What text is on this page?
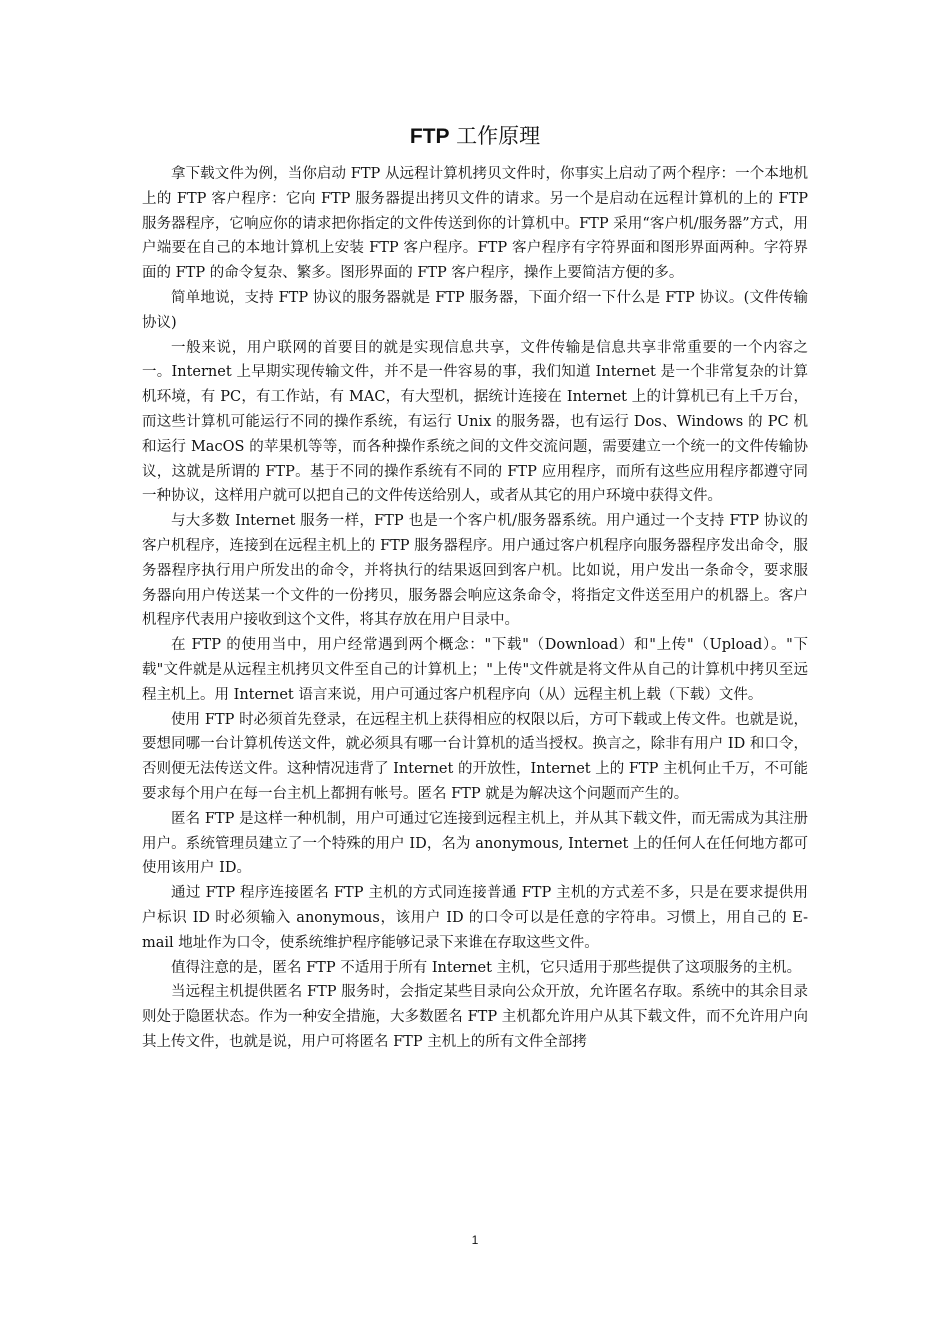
FTP 工作原理

拿下载文件为例，当你启动 FTP 从远程计算机拷贝文件时，你事实上启动了两个程序：一个本地机上的 FTP 客户程序：它向 FTP 服务器提出拷贝文件的请求。另一个是启动在远程计算机的上的 FTP 服务器程序，它响应你的请求把你指定的文件传送到你的计算机中。FTP 采用“客户机/服务器”方式，用户端要在自己的本地计算机上安装 FTP 客户程序。FTP 客户程序有字符界面和图形界面两种。字符界面的 FTP 的命令复杂、繁多。图形界面的 FTP 客户程序，操作上要简洁方便的多。

简单地说，支持 FTP 协议的服务器就是 FTP 服务器，下面介绍一下什么是 FTP 协议。(文件传输协议)

一般来说，用户联网的首要目的就是实现信息共享，文件传输是信息共享非常重要的一个内容之一。Internet 上早期实现传输文件，并不是一件容易的事，我们知道 Internet 是一个非常复杂的计算机环境，有 PC，有工作站，有 MAC，有大型机，据统计连接在 Internet 上的计算机已有上千万台，而这些计算机可能运行不同的操作系统，有运行 Unix 的服务器，也有运行 Dos、Windows 的 PC 机和运行 MacOS 的苹果机等等，而各种操作系统之间的文件交流问题，需要建立一个统一的文件传输协议，这就是所谓的 FTP。基于不同的操作系统有不同的 FTP 应用程序，而所有这些应用程序都遵守同一种协议，这样用户就可以把自己的文件传送给别人，或者从其它的用户环境中获得文件。

与大多数 Internet 服务一样，FTP 也是一个客户机/服务器系统。用户通过一个支持 FTP 协议的客户机程序，连接到在远程主机上的 FTP 服务器程序。用户通过客户机程序向服务器程序发出命令，服务器程序执行用户所发出的命令，并将执行的结果返回到客户机。比如说，用户发出一条命令，要求服务器向用户传送某一个文件的一份拷贝，服务器会响应这条命令，将指定文件送至用户的机器上。客户机程序代表用户接收到这个文件，将其存放在用户目录中。

在 FTP 的使用当中，用户经常遇到两个概念："下载"（Download）和"上传"（Upload）。"下载"文件就是从远程主机拷贝文件至自己的计算机上；"上传"文件就是将文件从自己的计算机中拷贝至远程主机上。用 Internet 语言来说，用户可通过客户机程序向（从）远程主机上载（下载）文件。

使用 FTP 时必须首先登录，在远程主机上获得相应的权限以后，方可下载或上传文件。也就是说，要想同哪一台计算机传送文件，就必须具有哪一台计算机的适当授权。换言之，除非有用户 ID 和口令，否则便无法传送文件。这种情况违背了 Internet 的开放性，Internet 上的 FTP 主机何止千万，不可能要求每个用户在每一台主机上都拥有帐号。匿名 FTP 就是为解决这个问题而产生的。

匿名 FTP 是这样一种机制，用户可通过它连接到远程主机上，并从其下载文件，而无需成为其注册用户。系统管理员建立了一个特殊的用户 ID，名为 anonymous, Internet 上的任何人在任何地方都可使用该用户 ID。

通过 FTP 程序连接匿名 FTP 主机的方式同连接普通 FTP 主机的方式差不多，只是在要求提供用户标识 ID 时必须输入 anonymous，该用户 ID 的口令可以是任意的字符串。习惯上，用自己的 E-mail 地址作为口令，使系统维护程序能够记录下来谁在存取这些文件。

值得注意的是，匿名 FTP 不适用于所有 Internet 主机，它只适用于那些提供了这项服务的主机。

当远程主机提供匿名 FTP 服务时，会指定某些目录向公众开放，允许匿名存取。系统中的其余目录则处于隐匿状态。作为一种安全措施，大多数匿名 FTP 主机都允许用户从其下载文件，而不允许用户向其上传文件，也就是说，用户可将匿名 FTP 主机上的所有文件全部拷

1
